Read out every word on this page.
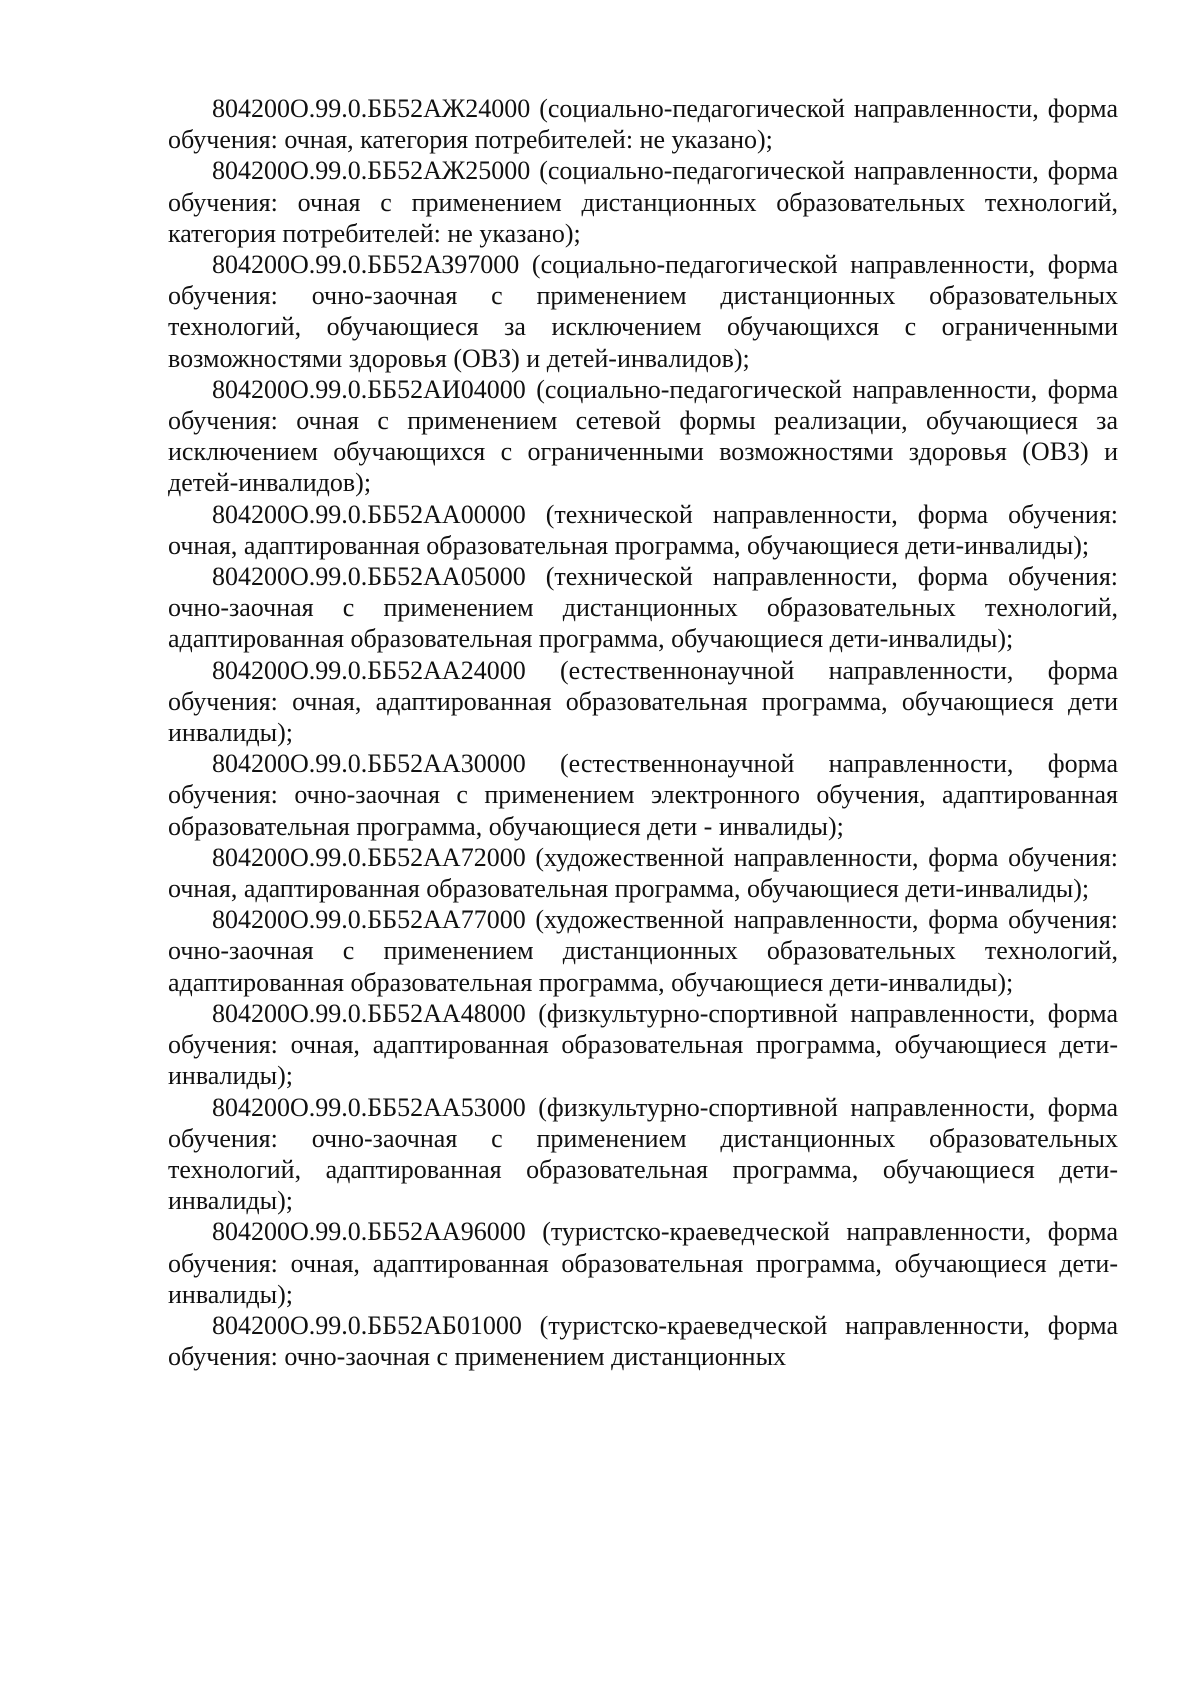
804200О.99.0.ББ52АЖ24000 (социально-педагогической направленности, форма обучения: очная, категория потребителей: не указано);

804200О.99.0.ББ52АЖ25000 (социально-педагогической направленности, форма обучения: очная с применением дистанционных образовательных технологий, категория потребителей: не указано);

804200О.99.0.ББ52АЗ97000 (социально-педагогической направленности, форма обучения: очно-заочная с применением дистанционных образовательных технологий, обучающиеся за исключением обучающихся с ограниченными возможностями здоровья (ОВЗ) и детей-инвалидов);

804200О.99.0.ББ52АИ04000 (социально-педагогической направленности, форма обучения: очная с применением сетевой формы реализации, обучающиеся за исключением обучающихся с ограниченными возможностями здоровья (ОВЗ) и детей-инвалидов);

804200О.99.0.ББ52АА00000 (технической направленности, форма обучения: очная, адаптированная образовательная программа, обучающиеся дети-инвалиды);

804200О.99.0.ББ52АА05000 (технической направленности, форма обучения: очно-заочная с применением дистанционных образовательных технологий, адаптированная образовательная программа, обучающиеся дети-инвалиды);

804200О.99.0.ББ52АА24000 (естественнонаучной направленности, форма обучения: очная, адаптированная образовательная программа, обучающиеся дети инвалиды);

804200О.99.0.ББ52АА30000 (естественнонаучной направленности, форма обучения: очно-заочная с применением электронного обучения, адаптированная образовательная программа, обучающиеся дети - инвалиды);

804200О.99.0.ББ52АА72000 (художественной направленности, форма обучения: очная, адаптированная образовательная программа, обучающиеся дети-инвалиды);

804200О.99.0.ББ52АА77000 (художественной направленности, форма обучения: очно-заочная с применением дистанционных образовательных технологий, адаптированная образовательная программа, обучающиеся дети-инвалиды);

804200О.99.0.ББ52АА48000 (физкультурно-спортивной направленности, форма обучения: очная, адаптированная образовательная программа, обучающиеся дети-инвалиды);

804200О.99.0.ББ52АА53000 (физкультурно-спортивной направленности, форма обучения: очно-заочная с применением дистанционных образовательных технологий, адаптированная образовательная программа, обучающиеся дети-инвалиды);

804200О.99.0.ББ52АА96000 (туристско-краеведческой направленности, форма обучения: очная, адаптированная образовательная программа, обучающиеся дети-инвалиды);

804200О.99.0.ББ52АБ01000 (туристско-краеведческой направленности, форма обучения: очно-заочная с применением дистанционных
